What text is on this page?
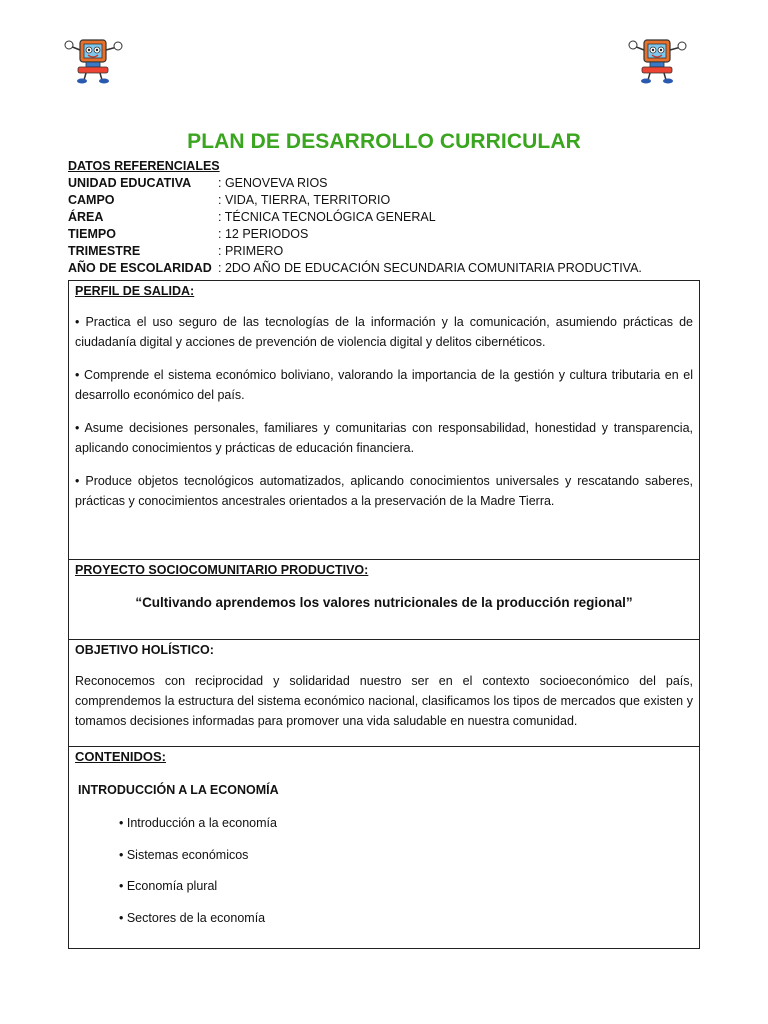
PLAN DE DESARROLLO CURRICULAR
DATOS REFERENCIALES
UNIDAD EDUCATIVA : GENOVEVA RIOS
CAMPO	: VIDA, TIERRA, TERRITORIO
ÁREA	: TÉCNICA TECNOLÓGICA GENERAL
TIEMPO	: 12 PERIODOS
TRIMESTRE	: PRIMERO
AÑO DE ESCOLARIDAD : 2DO AÑO DE EDUCACIÓN SECUNDARIA COMUNITARIA PRODUCTIVA.
PERFIL DE SALIDA:
• Practica el uso seguro de las tecnologías de la información y la comunicación, asumiendo prácticas de ciudadanía digital y acciones de prevención de violencia digital y delitos cibernéticos.
• Comprende el sistema económico boliviano, valorando la importancia de la gestión y cultura tributaria en el desarrollo económico del país.
• Asume decisiones personales, familiares y comunitarias con responsabilidad, honestidad y transparencia, aplicando conocimientos y prácticas de educación financiera.
• Produce objetos tecnológicos automatizados, aplicando conocimientos universales y rescatando saberes, prácticas y conocimientos ancestrales orientados a la preservación de la Madre Tierra.
PROYECTO SOCIOCOMUNITARIO PRODUCTIVO:
“Cultivando aprendemos los valores nutricionales de la producción regional”
OBJETIVO HOLÍSTICO:
Reconocemos con reciprocidad y solidaridad nuestro ser en el contexto socioeconómico del país, comprendemos la estructura del sistema económico nacional, clasificamos los tipos de mercados que existen y tomamos decisiones informadas para promover una vida saludable en nuestra comunidad.
CONTENIDOS:
INTRODUCCIÓN A LA ECONOMÍA
• Introducción a la economía
• Sistemas económicos
• Economía plural
• Sectores de la economía
